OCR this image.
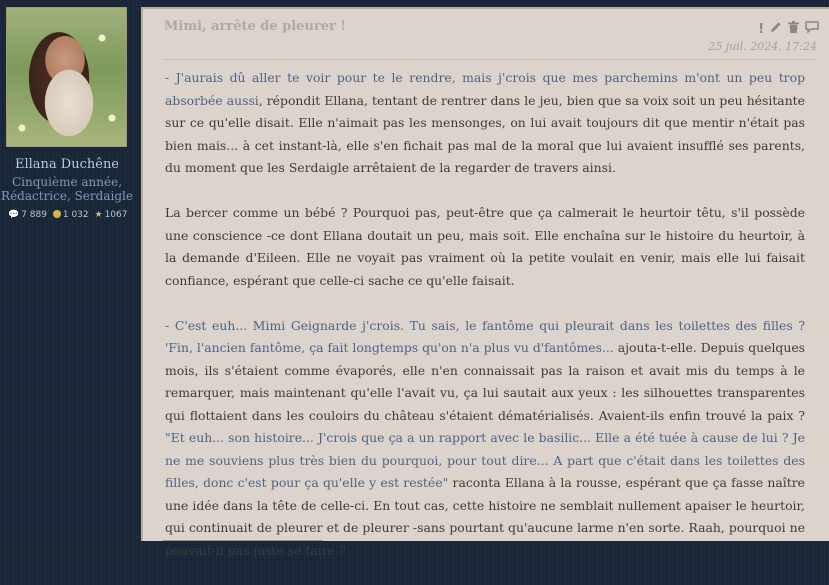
Ellana Duchêne
Cinquième année,
Rédactrice, Serdaigle
💬 7 889 1 032 ★ 1067
Mimi, arrête de pleurer !	!
25 juil. 2024, 17:24

- J'aurais dû aller te voir pour te le rendre, mais j'crois que mes parchemins m'ont un peu trop absorbée aussi, répondit Ellana, tentant de rentrer dans le jeu, bien que sa voix soit un peu hésitante sur ce qu'elle disait. Elle n'aimait pas les mensonges, on lui avait toujours dit que mentir n'était pas bien mais... à cet instant-là, elle s'en fichait pas mal de la moral que lui avaient insufflé ses parents, du moment que les Serdaigle arrêtaient de la regarder de travers ainsi.

La bercer comme un bébé ? Pourquoi pas, peut-être que ça calmerait le heurtoir têtu, s'il possède une conscience -ce dont Ellana doutait un peu, mais soit. Elle enchaîna sur le histoire du heurtoir, à la demande d'Eileen. Elle ne voyait pas vraiment où la petite voulait en venir, mais elle lui faisait confiance, espérant que celle-ci sache ce qu'elle faisait.

- C'est euh... Mimi Geignarde j'crois. Tu sais, le fantôme qui pleurait dans les toilettes des filles ? 'Fin, l'ancien fantôme, ça fait longtemps qu'on n'a plus vu d'fantômes... ajouta-t-elle. Depuis quelques mois, ils s'étaient comme évaporés, elle n'en connaissait pas la raison et avait mis du temps à le remarquer, mais maintenant qu'elle l'avait vu, ça lui sautait aux yeux : les silhouettes transparentes qui flottaient dans les couloirs du château s'étaient dématérialisés. Avaient-ils enfin trouvé la paix ? "Et euh... son histoire... J'crois que ça a un rapport avec le basilic... Elle a été tuée à cause de lui ? Je ne me souviens plus très bien du pourquoi, pour tout dire... A part que c'était dans les toilettes des filles, donc c'est pour ça qu'elle y est restée" raconta Ellana à la rousse, espérant que ça fasse naître une idée dans la tête de celle-ci. En tout cas, cette histoire ne semblait nullement apaiser le heurtoir, qui continuait de pleurer et de pleurer -sans pourtant qu'aucune larme n'en sorte. Raah, pourquoi ne pouvait-il pas juste se taire ?
